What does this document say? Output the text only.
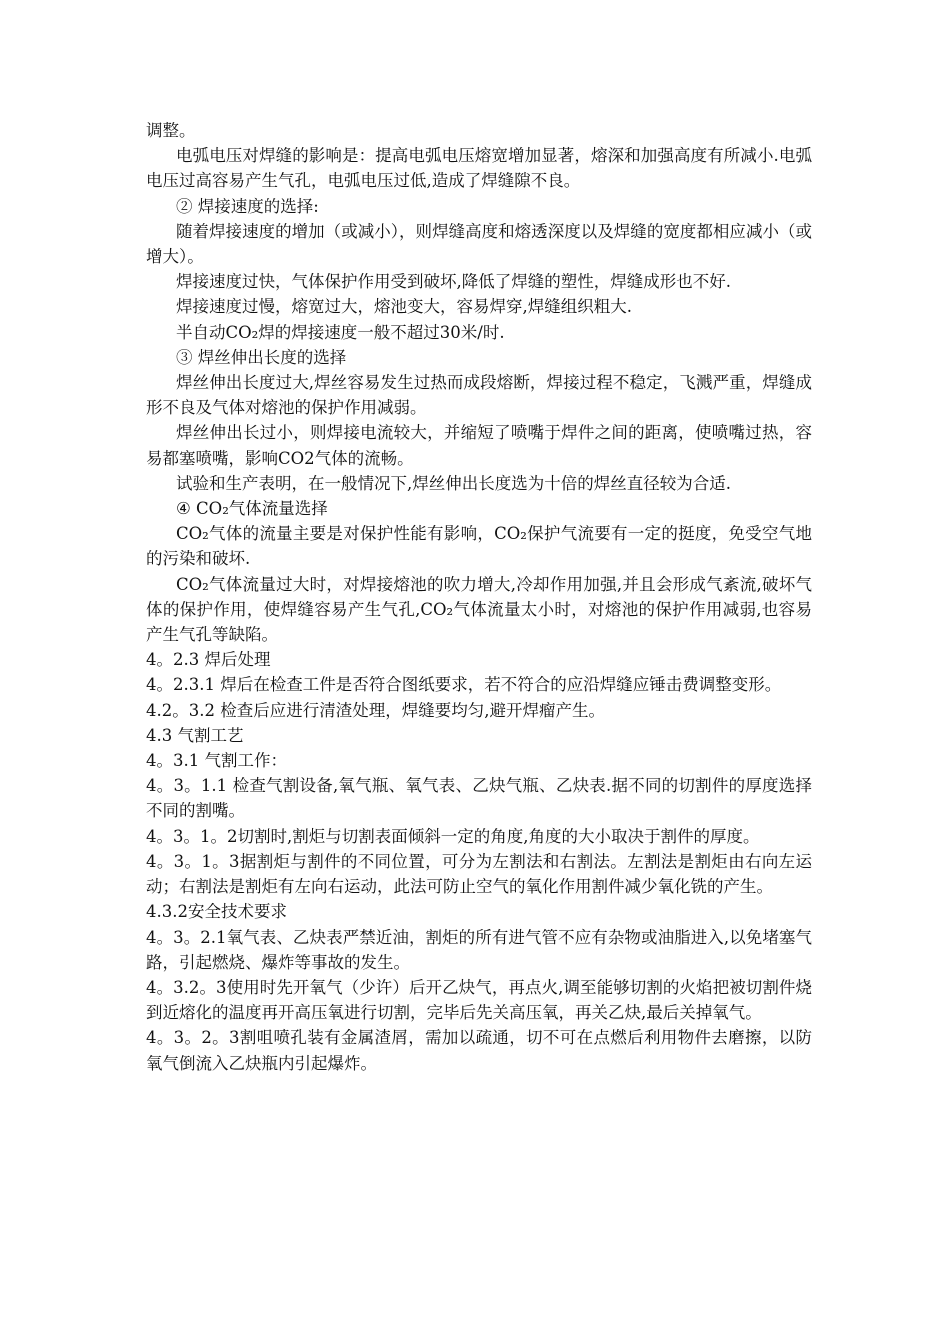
调整。

电弧电压对焊缝的影响是：提高电弧电压熔宽增加显著，熔深和加强高度有所减小.电弧电压过高容易产生气孔，电弧电压过低,造成了焊缝隙不良。

② 焊接速度的选择:

随着焊接速度的增加（或减小），则焊缝高度和熔透深度以及焊缝的宽度都相应减小（或增大）。

焊接速度过快，气体保护作用受到破坏,降低了焊缝的塑性，焊缝成形也不好.

焊接速度过慢，熔宽过大，熔池变大，容易焊穿,焊缝组织粗大.

半自动CO₂焊的焊接速度一般不超过30米/时.

③ 焊丝伸出长度的选择

焊丝伸出长度过大,焊丝容易发生过热而成段熔断，焊接过程不稳定，飞溅严重，焊缝成形不良及气体对熔池的保护作用减弱。

焊丝伸出长过小，则焊接电流较大，并缩短了喷嘴于焊件之间的距离，使喷嘴过热，容易都塞喷嘴，影响CO2气体的流畅。

试验和生产表明，在一般情况下,焊丝伸出长度选为十倍的焊丝直径较为合适.

④ CO₂气体流量选择

CO₂气体的流量主要是对保护性能有影响，CO₂保护气流要有一定的挺度，免受空气地的污染和破坏.

CO₂气体流量过大时，对焊接熔池的吹力增大,冷却作用加强,并且会形成气紊流,破坏气体的保护作用，使焊缝容易产生气孔,CO₂气体流量太小时，对熔池的保护作用减弱,也容易产生气孔等缺陷。

4。2.3 焊后处理

4。2.3.1 焊后在检查工件是否符合图纸要求，若不符合的应沿焊缝应锤击费调整变形。

4.2。3.2 检查后应进行清渣处理，焊缝要均匀,避开焊瘤产生。

4.3 气割工艺

4。3.1 气割工作：

4。3。1.1 检查气割设备,氧气瓶、氧气表、乙炔气瓶、乙炔表.据不同的切割件的厚度选择不同的割嘴。

4。3。1。2切割时,割炬与切割表面倾斜一定的角度,角度的大小取决于割件的厚度。

4。3。1。3据割炬与割件的不同位置，可分为左割法和右割法。左割法是割炬由右向左运动；右割法是割炬有左向右运动，此法可防止空气的氧化作用割件减少氧化铣的产生。

4.3.2安全技术要求

4。3。2.1氧气表、乙炔表严禁近油，割炬的所有进气管不应有杂物或油脂进入,以免堵塞气路，引起燃烧、爆炸等事故的发生。

4。3.2。3使用时先开氧气（少许）后开乙炔气，再点火,调至能够切割的火焰把被切割件烧到近熔化的温度再开高压氧进行切割，完毕后先关高压氧，再关乙炔,最后关掉氧气。

4。3。2。3割咀喷孔装有金属渣屑，需加以疏通，切不可在点燃后利用物件去磨擦，以防氧气倒流入乙炔瓶内引起爆炸。
